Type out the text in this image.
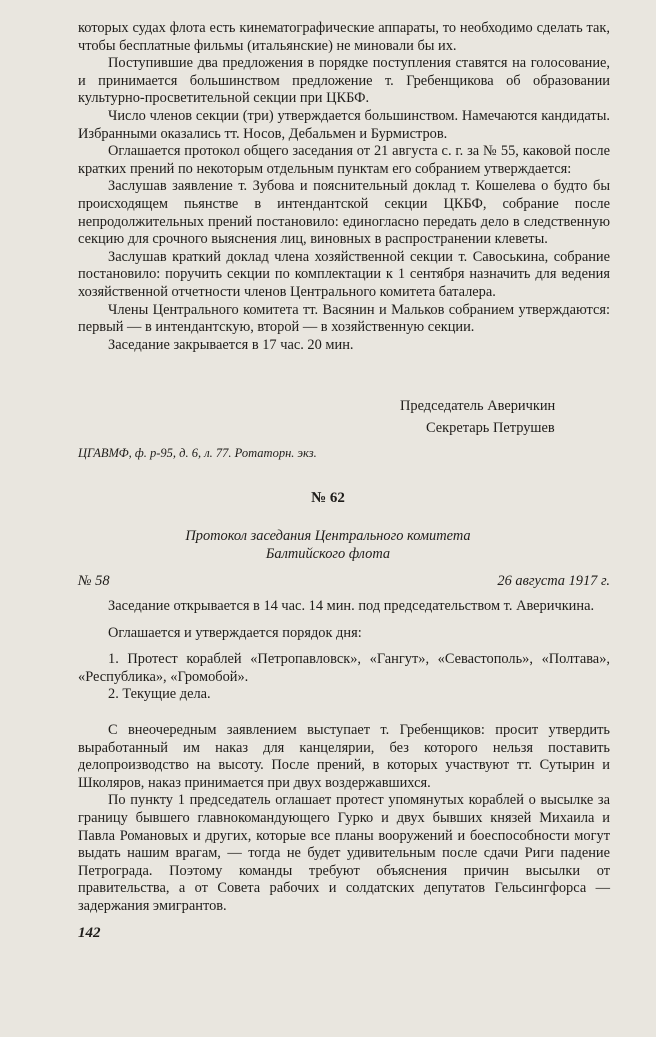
которых судах флота есть кинематографические аппараты, то необходимо сделать так, чтобы бесплатные фильмы (итальянские) не миновали бы их.

Поступившие два предложения в порядке поступления ставятся на голосование, и принимается большинством предложение т. Гребенщикова об образовании культурно-просветительной секции при ЦКБФ.

Число членов секции (три) утверждается большинством. Намечаются кандидаты. Избранными оказались тт. Носов, Дебальмен и Бурмистров.

Оглашается протокол общего заседания от 21 августа с. г. за № 55, каковой после кратких прений по некоторым отдельным пунктам его собранием утверждается:

Заслушав заявление т. Зубова и пояснительный доклад т. Кошелева о будто бы происходящем пьянстве в интендантской секции ЦКБФ, собрание после непродолжительных прений постановило: единогласно передать дело в следственную секцию для срочного выяснения лиц, виновных в распространении клеветы.

Заслушав краткий доклад члена хозяйственной секции т. Савоськина, собрание постановило: поручить секции по комплектации к 1 сентября назначить для ведения хозяйственной отчетности членов Центрального комитета баталера.

Члены Центрального комитета тт. Васянин и Мальков собранием утверждаются: первый — в интендантскую, второй — в хозяйственную секции.

Заседание закрывается в 17 час. 20 мин.

Председатель Аверичкин
Секретарь Петрушев
ЦГАВМФ, ф. р-95, д. 6, л. 77. Ротаторн. экз.
№ 62
Протокол заседания Центрального комитета
Балтийского флота
№ 58	26 августа 1917 г.

Заседание открывается в 14 час. 14 мин. под председательством т. Аверичкина.

Оглашается и утверждается порядок дня:

1. Протест кораблей «Петропавловск», «Гангут», «Севастополь», «Полтава», «Республика», «Громобой».

2. Текущие дела.

С внеочередным заявлением выступает т. Гребенщиков: просит утвердить выработанный им наказ для канцелярии, без которого нельзя поставить делопроизводство на высоту. После прений, в которых участвуют тт. Сутырин и Школяров, наказ принимается при двух воздержавшихся.

По пункту 1 председатель оглашает протест упомянутых кораблей о высылке за границу бывшего главнокомандующего Гурко и двух бывших князей Михаила и Павла Романовых и других, которые все планы вооружений и боеспособности могут выдать нашим врагам, — тогда не будет удивительным после сдачи Риги падение Петрограда. Поэтому команды требуют объяснения причин высылки от правительства, а от Совета рабочих и солдатских депутатов Гельсингфорса — задержания эмигрантов.

142
